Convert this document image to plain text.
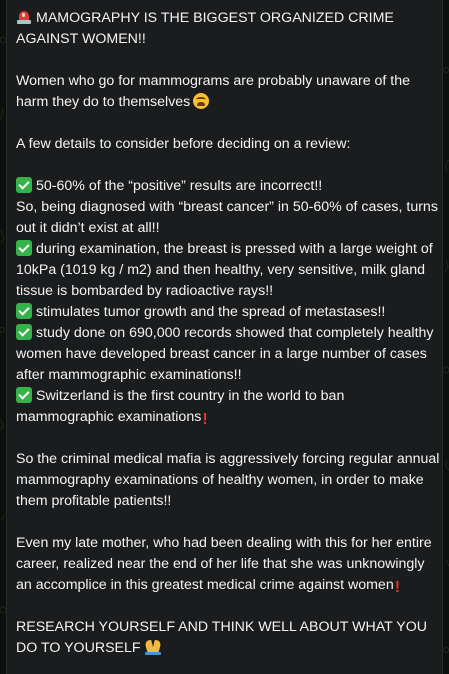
MAMOGRAPHY IS THE BIGGEST ORGANIZED CRIME AGAINST WOMEN!!
Women who go for mammograms are probably unaware of the harm they do to themselves
A few details to consider before deciding on a review:
50-60% of the “positive” results are incorrect!!
So, being diagnosed with “breast cancer” in 50-60% of cases, turns out it didn’t exist at all!!
during examination, the breast is pressed with a large weight of 10kPa (1019 kg / m2) and then healthy, very sensitive, milk gland tissue is bombarded by radioactive rays!!
stimulates tumor growth and the spread of metastases!!
study done on 690,000 records showed that completely healthy women have developed breast cancer in a large number of cases after mammographic examinations!!
Switzerland is the first country in the world to ban mammographic examinations!
So the criminal medical mafia is aggressively forcing regular annual mammography examinations of healthy women, in order to make them profitable patients!!
Even my late mother, who had been dealing with this for her entire career, realized near the end of her life that she was unknowingly an accomplice in this greatest medical crime against women!
RESEARCH YOURSELF AND THINK WELL ABOUT WHAT YOU DO TO YOURSELF
